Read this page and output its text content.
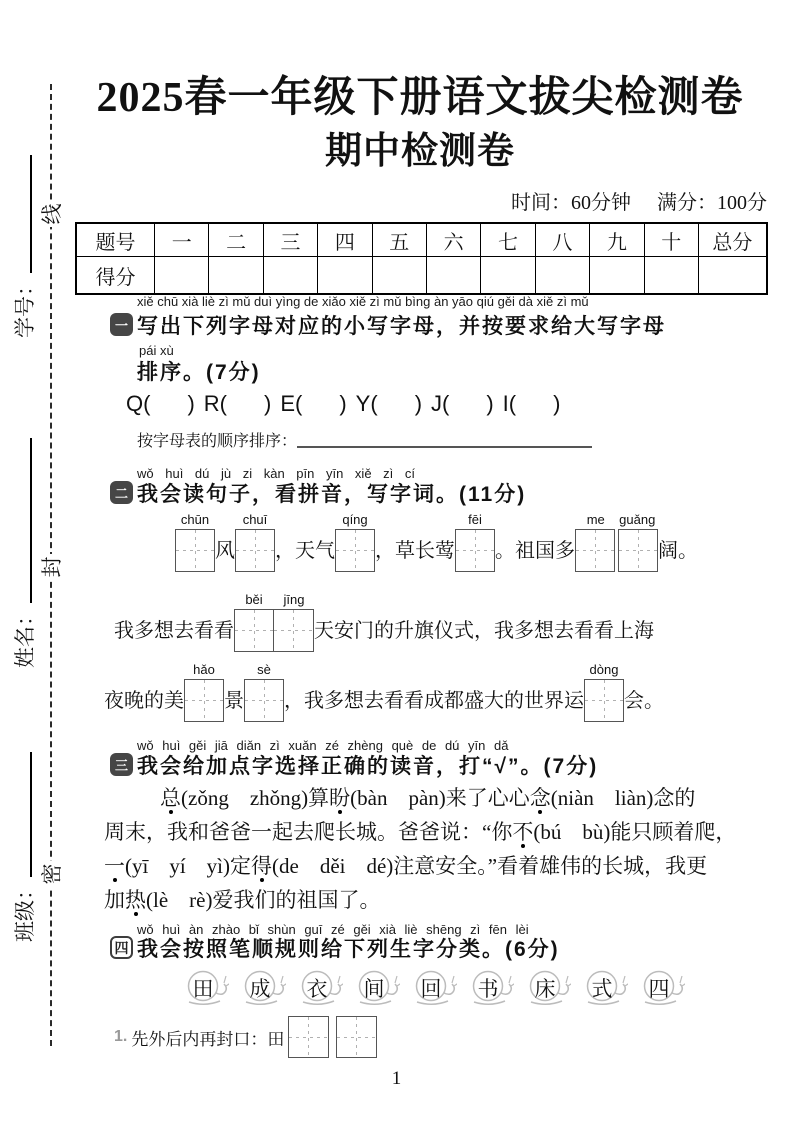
线
封
密
学号：
姓名：
班级：
2025春一年级下册语文拔尖检测卷
期中检测卷
时间：60分钟 满分：100分
题号	一	二	三	四	五	六	七	八	九	十	总分
得分
xiě chū xià liè zì mǔ duì yìng de xiǎo xiě zì mǔ bìng àn yāo qiú gěi dà xiě zì mǔ
一 写出下列字母对应的小写字母，并按要求给大写字母
pái xù
排序。(7分)
Q ( ) R ( ) E ( ) Y ( ) J ( ) I ( )
按字母表的顺序排序：
wǒ huì dú jù zi kàn pīn yīn xiě zì cí
二 我会读句子，看拼音，写字词。(11分)
chūn
风
chuī
，天气
qíng
，草长莺
fēi
。祖国多
me	guǎng
阔。
我多想去看看
běi	jīng
天安门的升旗仪式，我多想去看看上海
夜晚的美
hǎo
景
sè
，我多想去看看成都盛大的世界运
dòng
会。
wǒ huì gěi jiā diǎn zì xuǎn zé zhèng què de dú yīn dǎ
三 我会给加点字选择正确的读音，打“√”。(7分)
总(zǒng　zhǒng)算盼(bàn　pàn)来了心心念(niàn　liàn)念的
周末，我和爸爸一起去爬长城。爸爸说：“你不(bú　bù)能只顾着爬，
一(yī　yí　yì)定得(de　děi　dé)注意安全。”看着雄伟的长城，我更
加热(lè　rè)爱我们的祖国了。
wǒ huì àn zhào bǐ shùn guī zé gěi xià liè shēng zì fēn lèi
四 我会按照笔顺规则给下列生字分类。(6分)
田 成 衣 间 回 书 床 式 四
1. 先外后内再封口： 田
1
